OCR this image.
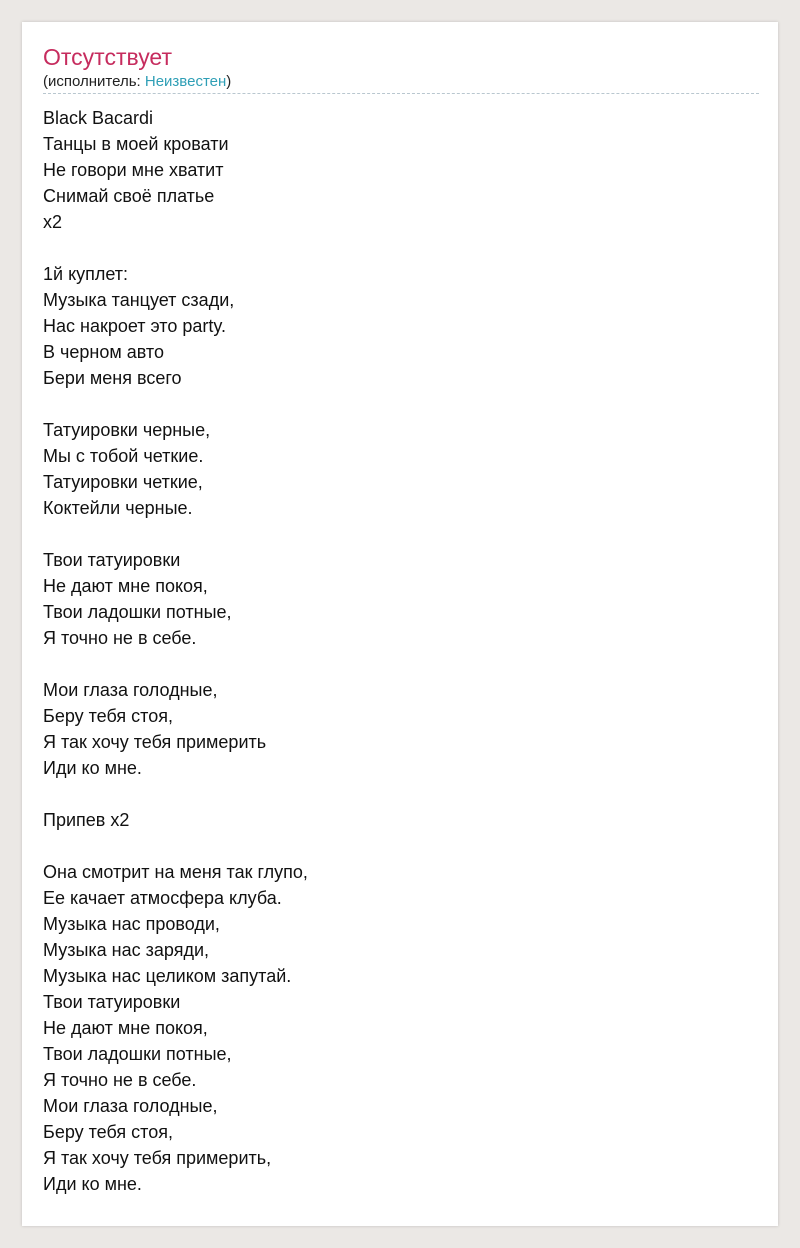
Отсутствует
(исполнитель: Неизвестен)
Black Bacardi
Танцы в моей кровати
Не говори мне хватит
Снимай своё платье
x2
1й куплет:
Музыка танцует сзади,
Нас накроет это party.
В черном авто
Бери меня всего
Татуировки черные,
Мы с тобой четкие.
Татуировки четкие,
Коктейли черные.
Твои татуировки
Не дают мне покоя,
Твои ладошки потные,
Я точно не в себе.
Мои глаза голодные,
Беру тебя стоя,
Я так хочу тебя примерить
Иди ко мне.
Припев x2
Она смотрит на меня так глупо,
Ее качает атмосфера клуба.
Музыка нас проводи,
Музыка нас заряди,
Музыка нас целиком запутай.
Твои татуировки
Не дают мне покоя,
Твои ладошки потные,
Я точно не в себе.
Мои глаза голодные,
Беру тебя стоя,
Я так хочу тебя примерить,
Иди ко мне.
